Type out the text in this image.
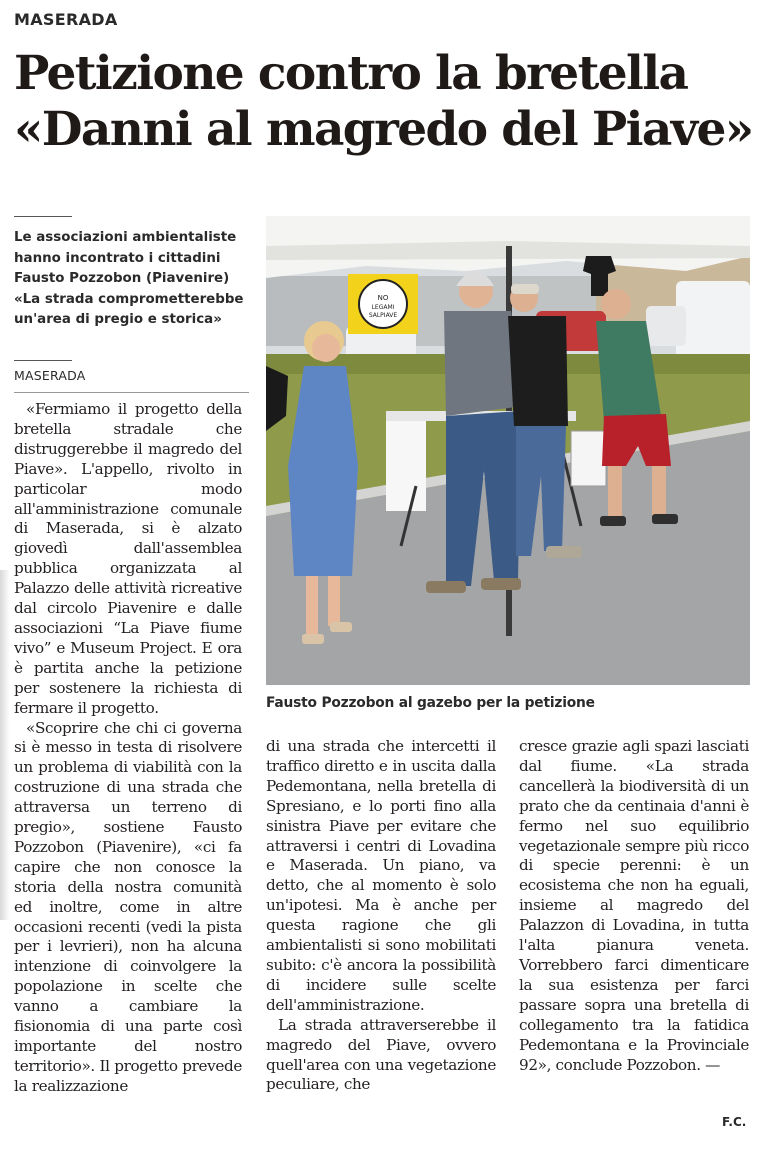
MASERADA
Petizione contro la bretella
«Danni al magredo del Piave»
Le associazioni ambientaliste
hanno incontrato i cittadini
Fausto Pozzobon (Piavenire)
«La strada comprometterebbe
un'area di pregio e storica»
MASERADA
NO
LEGAMI
SALPIAVE
Fausto Pozzobon al gazebo per la petizione

«Fermiamo il progetto della bretella stradale che distruggerebbe il magredo del Piave». L'appello, rivolto in particolar modo all'amministrazione comunale di Maserada, si è alzato giovedì dall'assemblea pubblica organizzata al Palazzo delle attività ricreative dal circolo Piavenire e dalle associazioni “La Piave fiume vivo” e Museum Project. E ora è partita anche la petizione per sostenere la richiesta di fermare il progetto.

«Scoprire che chi ci governa si è messo in testa di risolvere un problema di viabilità con la costruzione di una strada che attraversa un terreno di pregio», sostiene Fausto Pozzobon (Piavenire), «ci fa capire che non conosce la storia della nostra comunità ed inoltre, come in altre occasioni recenti (vedi la pista per i levrieri), non ha alcuna intenzione di coinvolgere la popolazione in scelte che vanno a cambiare la fisionomia di una parte così importante del nostro territorio». Il progetto prevede la realizzazione

di una strada che intercetti il traffico diretto e in uscita dalla Pedemontana, nella bretella di Spresiano, e lo porti fino alla sinistra Piave per evitare che attraversi i centri di Lovadina e Maserada. Un piano, va detto, che al momento è solo un'ipotesi. Ma è anche per questa ragione che gli ambientalisti si sono mobilitati subito: c'è ancora la possibilità di incidere sulle scelte dell'amministrazione.

La strada attraverserebbe il magredo del Piave, ovvero quell'area con una vegetazione peculiare, che

cresce grazie agli spazi lasciati dal fiume. «La strada cancellerà la biodiversità di un prato che da centinaia d'anni è fermo nel suo equilibrio vegetazionale sempre più ricco di specie perenni: è un ecosistema che non ha eguali, insieme al magredo del Palazzon di Lovadina, in tutta l'alta pianura veneta. Vorrebbero farci dimenticare la sua esistenza per farci passare sopra una bretella di collegamento tra la fatidica Pedemontana e la Provinciale 92», conclude Pozzobon. —

F.C.
